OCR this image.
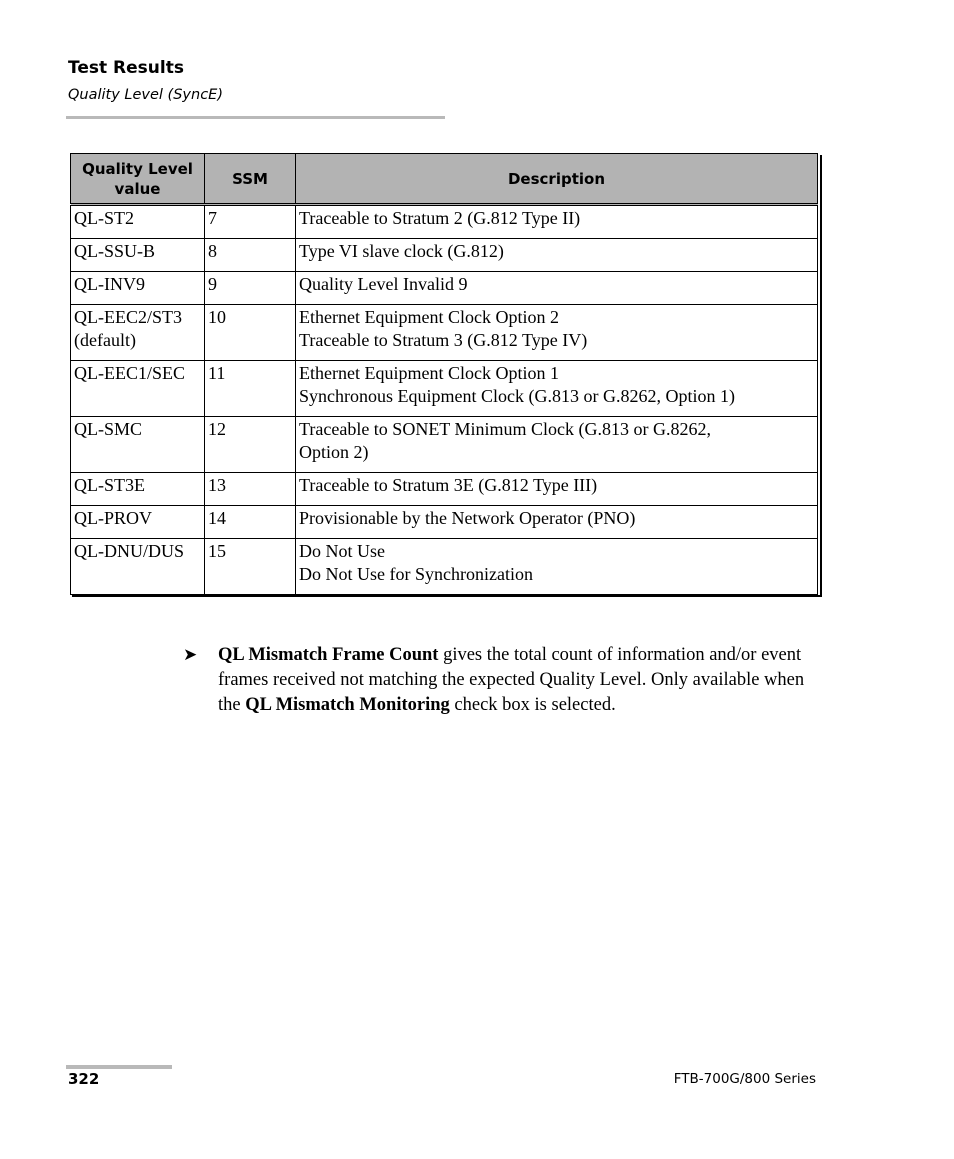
Test Results
Quality Level (SyncE)
Quality Level value	SSM	Description

QL-ST2	7	Traceable to Stratum 2 (G.812 Type II)

QL-SSU-B	8	Type VI slave clock (G.812)

QL-INV9	9	Quality Level Invalid 9

QL-EEC2/ST3
(default)	10	Ethernet Equipment Clock Option 2
Traceable to Stratum 3 (G.812 Type IV)

QL-EEC1/SEC	11	Ethernet Equipment Clock Option 1
Synchronous Equipment Clock (G.813 or G.8262, Option 1)

QL-SMC	12	Traceable to SONET Minimum Clock (G.813 or G.8262,
Option 2)

QL-ST3E	13	Traceable to Stratum 3E (G.812 Type III)

QL-PROV	14	Provisionable by the Network Operator (PNO)

QL-DNU/DUS	15	Do Not Use
Do Not Use for Synchronization
➤ QL Mismatch Frame Count gives the total count of information and/or event frames received not matching the expected Quality Level. Only available when the QL Mismatch Monitoring check box is selected.
322	FTB-700G/800 Series
